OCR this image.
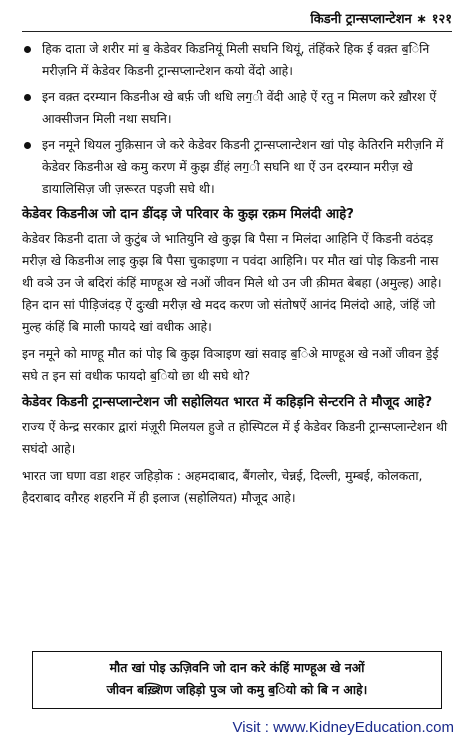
किडनी ट्रान्सप्लान्टेशन ∗ १२१
हिक दाता जे शरीर मां ब॒ केडेवर किडनियूं मिली सघनि थियूं, तंहिंकरे हिक ई वक़्त ब॒िनि मरीज़नि में केडेवर किडनी ट्रान्सप्लान्टेशन कयो वेंदो आहे।
इन वक़्त दरम्यान किडनीअ खे बर्फ़ जी थधि लग॒ी वेंदी आहे ऐं रतु न मिलण करे ख़ौरश ऐं आक्सीजन मिली नथा सघनि।
इन नमूने थियल नुक़िसान जे करे केडेवर किडनी ट्रान्सप्लान्टेशन खां पोइ केतिरनि मरीज़नि में केडेवर किडनीअ खे कमु करण में कुझ डींहं लग॒ी सघनि था ऐं उन दरम्यान मरीज़ खे डायालिसिज़ जी ज़रूरत पइजी सघे थी।
केडेवर किडनीअ जो दान डींदड़ जे परिवार के कुझ रक़म मिलंदी आहे?

केडेवर किडनी दाता जे कुटुंब जे भातियुनि खे कुझ बि पैसा न मिलंदा आहिनि ऐं किडनी वठंदड़ मरीज़ खे किडनीअ लाइ कुझ बि पैसा चुकाइणा न पवंदा आहिनि। पर मौत खां पोइ किडनी नास थी वञे उन जे बदिरां कंहिं माण्हूअ खे नओं जीवन मिले थो उन जी क़ीमत बेबहा (अमुल्ह) आहे। हिन दान सां पीड़िजंदड़ ऐं दुःखी मरीज़ खे मदद करण जो संतोषऐं आनंद मिलंदो आहे, जंहिं जो मुल्ह कंहिं बि माली फायदे खां वधीक आहे।

इन नमूने को माण्हू मौत कां पोइ बि कुझ विञाइण खां सवाइ ब॒िअे माण्हूअ खे नओं जीवन डे॒ई सघे त इन सां वधीक फायदो ब॒ियो छा थी सघे थो?

केडेवर किडनी ट्रान्सप्लान्टेशन जी सहोलियत भारत में कहिड़नि सेन्टरनि ते मौजूद आहे?

राज्य ऐं केन्द्र सरकार द्वारां मंज़ूरी मिलयल हुजे त होस्पिटल में ई केडेवर किडनी ट्रान्सप्लान्टेशन थी सघंदो आहे।

भारत जा घणा वडा शहर जहिड़ोक : अहमदाबाद, बैंगलोर, चेन्नई, दिल्ली, मुम्बई, कोलकता, हैदराबाद वग़ैरह शहरनि में ही इलाज (सहोलियत) मौजूद आहे।

मौत खां पोइ ऊज़िवनि जो दान करे कंहिं माण्हूअ खे नओं
जीवन बख़्शिण जहिड़ो पुञ जो कमु ब॒ियो को बि न आहे।
Visit : www.KidneyEducation.com
